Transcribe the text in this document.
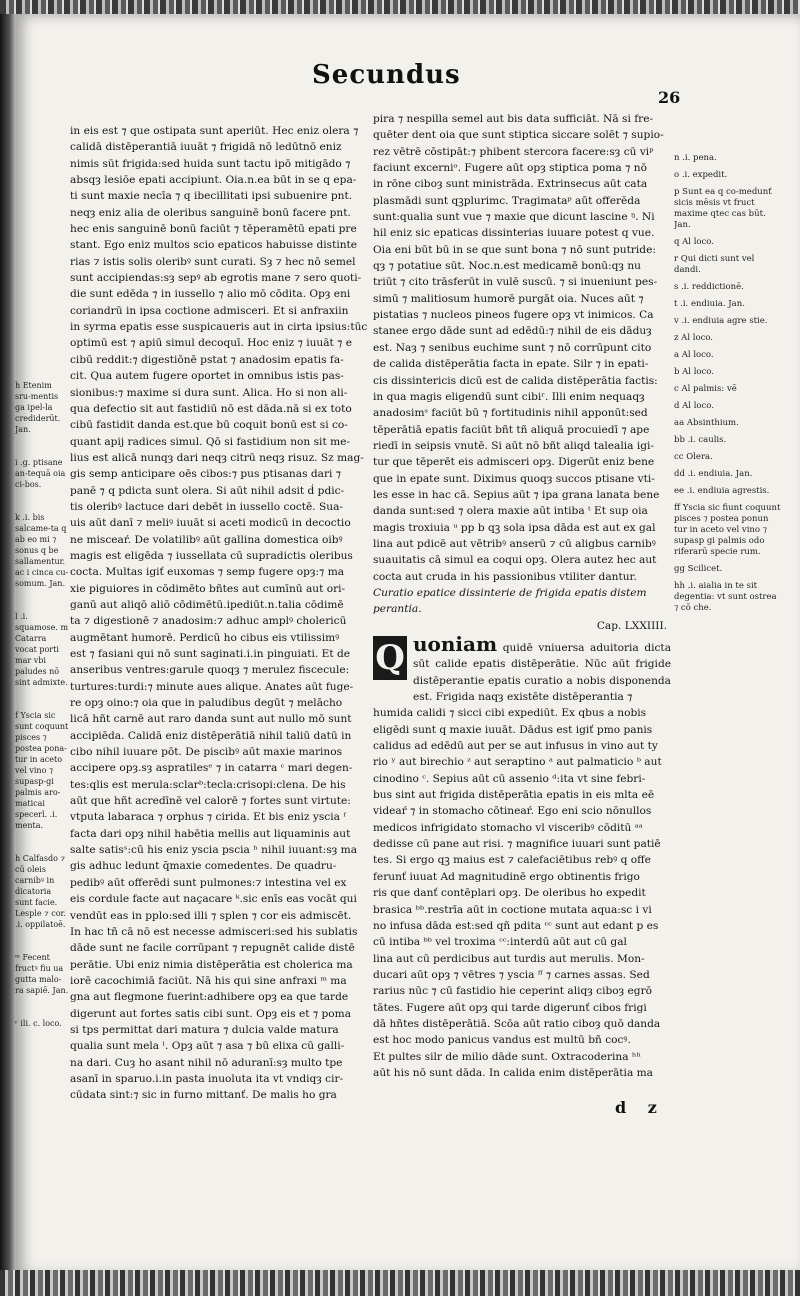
Secundus
26

in eis est ⁊ que ostipata sunt aperiūt. Hec eniz olera ⁊

calidā distēperantiā iuuāt ⁊ frigidā nō ledūtnō eniz

nimis sūt frigida:sed huida sunt tactu ipō mitigādo ⁊

absqȝ lesiōe epati accipiunt. Oia.n.ea būt in se q epa-

ti sunt maxie necīa ⁊ q ibecillitati ipsi subuenire pnt.

neqȝ eniz alia de oleribus sanguinē bonū facere pnt.

hec enis sanguinē bonū faciūt ⁊ tēperamētū epati pre

stant. Ego eniz multos scio epaticos habuisse distinte

rias ⁊ istis solis oleribꝰ sunt curati. Sȝ ⁊ hec nō semel

sunt accipiendas:sȝ sepꝰ ab egrotis mane ⁊ sero quoti-

die sunt edēda ⁊ in iussello ⁊ alio mō cōdita. Opȝ eni

coriandrū in ipsa coctione admisceri. Et si anfraxiin

in syrma epatis esse suspicaueris aut in cirta ipsius:tūc

optimū est ⁊ apiū simul decoquī. Hoc eniz ⁊ iuuāt ⁊ e

cibū reddit:⁊ digestiōnē pstat ⁊ anadosim epatis fa-

cit. Qua autem fugere oportet in omnibus istis pas-

sionibus:⁊ maxime si dura sunt. Alica. Ho si non ali-

qua defectio sit aut fastidiū nō est dāda.nā si ex toto

cibū fastidit danda est.que bū coquit bonū est si co-

quant apij radices simul. Qō si fastidium non sit me-

lius est alicā nunqȝ dari neqȝ citrū neqȝ risuz. Sz mag-

gis semp anticipare oēs cibos:⁊ pus ptisanas dari ⁊

panē ⁊ q pdicta sunt olera. Si aūt nihil adsit ḋ pdic-

tis oleribꝰ lactuce dari debēt in iussello coctē. Sua-

uis aūt danī ⁊ meliꝰ iuuāt si aceti modicū in decoctio

ne misceaŕ. De volatilibꝰ aūt gallina domestica oibꝰ

magis est eligēda ⁊ iussellata cū supradictis oleribus

cocta. Multas igiť euxomas ⁊ semp fugere opȝ:⁊ ma

xie piguiores in cōdimēto bñtes aut cumīnū aut ori-

ganū aut aliqō aliō cōdimētū.ipediūt.n.talia cōdimē

ta ⁊ digestionē ⁊ anadosim:⁊ adhuc amplꝰ cholericū

augmētant humorē. Perdicū ho cibus eis vtilissimꝰ

est ⁊ fasiani qui nō sunt saginati.i.in pinguiati. Et de

anseribus ventres:garule quoqȝ ⁊ merulez fiscecule:

turtures:turdi:⁊ minute aues alique. Anates aūt fuge-

re opȝ oino:⁊ oia que in paludibus degūt ⁊ melācho

licā hñt carnē aut raro danda sunt aut nullo mō sunt

accipiēda. Calidā eniz distēperātiā nihil taliū datū in

cibo nihil iuuare pōt. De piscibꝰ aūt maxie marinos

accipere opȝ.sȝ aspratilesᵉ ⁊ in catarra ᶜ mari degen-

tes:qlis est merula:sclarᵇ:tecla:crisopi:clena. De his

aūt que hñt acredīnē vel calorē ⁊ fortes sunt virtute:

vtputa labaraca ⁊ orphus ⁊ cirida. Et bis eniz yscia ᶠ

facta dari opȝ nihil habētia mellis aut liquaminis aut

salte satisˢ:cū his eniz yscia pscia ʰ nihil iuuant:sȝ ma

gis adhuc ledunt q̄maxie comedentes. De quadru-

pedibꝰ aūt offerēdi sunt pulmones:⁊ intestina vel ex

eis cordule facte aut naçacare ᵏ.sic enīs eas vocāt qui

vendūt eas in pplo:sed illi ⁊ splen ⁊ cor eis admiscēt.

In hac tñ cā nō est necesse admisceri:sed his sublatis

dāde sunt ne facile corrūpant ⁊ repugnēt calide distē

perātie. Ubi eniz nimia distēperātia est cholerica ma

iorē cacochimiā faciūt. Nā his qui sine anfraxi ᵐ ma

gna aut flegmone fuerint:adhibere opȝ ea que tarde

digerunt aut fortes satis cibi sunt. Opȝ eis et ⁊ poma

si tps permittat dari matura ⁊ dulcia valde matura

qualia sunt mela ˡ. Opȝ aūt ⁊ asa ⁊ bū elixa cū galli-

na dari. Cuȝ ho asant nihil nō aduranī:sȝ multo tpe

asanī in sparuo.i.in pasta inuoluta ita vt vndiqȝ cir-

cūdata sint:⁊ sic in furno mittanť. De malis ho gra

pira ⁊ nespilla semel aut bis data sufficiāt. Nā si fre-

quēter dent oia que sunt stiptica siccare solēt ⁊ supio-

rez vētrē cōstipāt:⁊ phibent stercora facere:sȝ cū viᵖ

faciunt excerniᵒ. Fugere aūt opȝ stiptica poma ⁊ nō

in rōne ciboȝ sunt ministrāda. Extrinsecus aūt cata

plasmādi sunt qꝫplurimc. Tragimataᵖ aūt offerēda

sunt:qualia sunt vue ⁊ maxie que dicunt lascine ᵑ. Ni

hil eniz sic epaticas dissinterias iuuare potest q vue.

Oia eni būt bū in se que sunt bona ⁊ nō sunt putride:

qȝ ⁊ potatiue sūt. Noc.n.est medicamē bonū:qȝ nu

triūt ⁊ cito trāsferūt in vulē suscū. ⁊ si inueniunt pes-

simū ⁊ malitiosum humorē purgāt oia. Nuces aūt ⁊

pistatias ⁊ nucleos pineos fugere opȝ vt inimicos. Ca

stanee ergo dāde sunt ad edēdū:⁊ nihil de eis dāduȝ

est. Naȝ ⁊ senibus euchime sunt ⁊ nō corrūpunt cito

de calida distēperātia facta in epate. Silr ⁊ in epati-

cis dissintericis dicū est de calida distēperātia factis:

in qua magis eligendū sunt cibiʳ. Illi enim nequaqȝ

anadosimˢ faciūt bū ⁊ fortitudinis nihil apponūt:sed

tēperātiā epatis faciūt bñt tñ aliquā procuiedī ⁊ ape

riedī in seipsis vnutē. Si aūt nō bñt aliqd talealia igi-

tur que tēperēt eis admisceri opȝ. Digerūt eniz bene

que in epate sunt. Diximus quoqȝ succos ptisane vti-

les esse in hac cā. Sepius aūt ⁊ ipa grana lanata bene

danda sunt:sed ⁊ olera maxie aūt intiba ᵗ Et sup oia

magis troxiuia ᵘ pp b qꝫ sola ipsa dāda est aut ex gal

lina aut pdicē aut vētribꝰ anserū ⁊ cū aligbus carnibꝰ

suauitatis cā simul ea coqui opȝ. Olera autez hec aut

cocta aut cruda in his passionibus vtiliter dantur.

Curatio epatice dissinterie de frigida epatis distem

perantia.

Cap. LXXIIII.

Q uoniam quidē vniuersa aduitoria dicta sūt calide epatis distēperātie. Nūc aūt frigide distēperantie epatis curatio a nobis disponenda est. Frigida naqȝ existēte distēperantia ⁊

humida calidi ⁊ sicci cibi expediūt. Ex qbus a nobis

eligēdi sunt q maxie iuuāt. Dādus est igiť pmo panis

calidus ad edēdū aut per se aut infusus in vino aut ty

rio ʸ aut birechio ᶻ aut seraptino ᵃ aut palmaticio ᵇ aut

cinodino ᶜ. Sepius aūt cū assenio ᵈ:ita vt sine febri-

bus sint aut frigida distēperātia epatis in eis mlta eē

videaŕ ⁊ in stomacho cōtineaŕ. Ego eni scio nōnullos

medicos infrigidato stomacho vl visceribꝰ cōditū ᵃᵃ

dedisse cū pane aut risi. ⁊ magnifice iuuari sunt patiē

tes. Si ergo qꝫ maius est ⁊ calefaciētibus rebꝰ q offe

ferunť iuuat Ad magnitudinē ergo obtinentis frigo

ris que danť contēplari opȝ. De oleribus ho expedit

brasica ᵇᵇ.restrīa aūt in coctione mutata aqua:sc i vi

no infusa dāda est:sed qñ pdita ᶜᶜ sunt aut edant p es

cū intiba ᵇᵇ vel troxima ᶜᶜ:interdū aūt aut cū gal

lina aut cū perdicibus aut turdis aut merulis. Mon-

ducari aūt opȝ ⁊ vētres ⁊ yscia ᶠᶠ ⁊ carnes assas. Sed

rarius nūc ⁊ cū fastidio hie ceperint aliqȝ ciboȝ egrō

tātes. Fugere aūt opȝ qui tarde digerunť cibos frigi

dā hñtes distēperātiā. Scōa aūt ratio ciboȝ quō danda

est hoc modo panicus vandus est multū bñ cocꝰ.

Et pultes silr de milio dāde sunt. Oxtracoderina ʰʰ

aūt his nō sunt dāda. In calida enim distēperātia ma

h Etenim sru-mentis ga ipel-la crediderūt. Jan.
i .g. ptisane an-tequā oia ci-bos.
k .i. bis salcame-ta q ab eo mi ⁊ sonus q be sallamentur. ac i cinca cu-somum. Jan.
l .i. squamose. m Catarra vocat porti mar vbi paludes nō sint admixte.
f Yscia sic sunt coquunt pisces ⁊ postea pona-tur in aceto vel vino ⁊ supasp-gi palmis aro-maticai specerl. .i. menta.
h Calfasdo ⁊ cū oleis carnibꝰ in dicatoria sunt facie. Lesple ⁊ cor. .i. oppilatoē.
ᵐ Fecent fructꝰ fiu ua gutta malo-ra sapiē. Jan.
ʳ ili. c. loco.
n .i. pena.
o .i. expedit.
p Sunt ea q co-medunť sicis mēsis vt fruct maxime qtec cas būt. Jan.
q Al loco.
r Qui dicti sunt vel dandi.
s .i. reddictionē.
t .i. endiuia. Jan.
v .i. endiuia agre stie.
z Al loco.
a Al loco.
b Al loco.
c Al palmis: vē
d Al loco.
aa Absinthium.
bb .i. caulis.
cc Olera.
dd .i. endiuia. Jan.
ee .i. endiuia agrestis.
ff Yscia sic fiunt coquunt pisces ⁊ postea ponun tur in aceto vel vino ⁊ supasp gi palmis odo riferarū specie rum.
gg Scilicet.
hh .i. aialia in te sit degentia: vt sunt ostrea ⁊ cō che.
d z
